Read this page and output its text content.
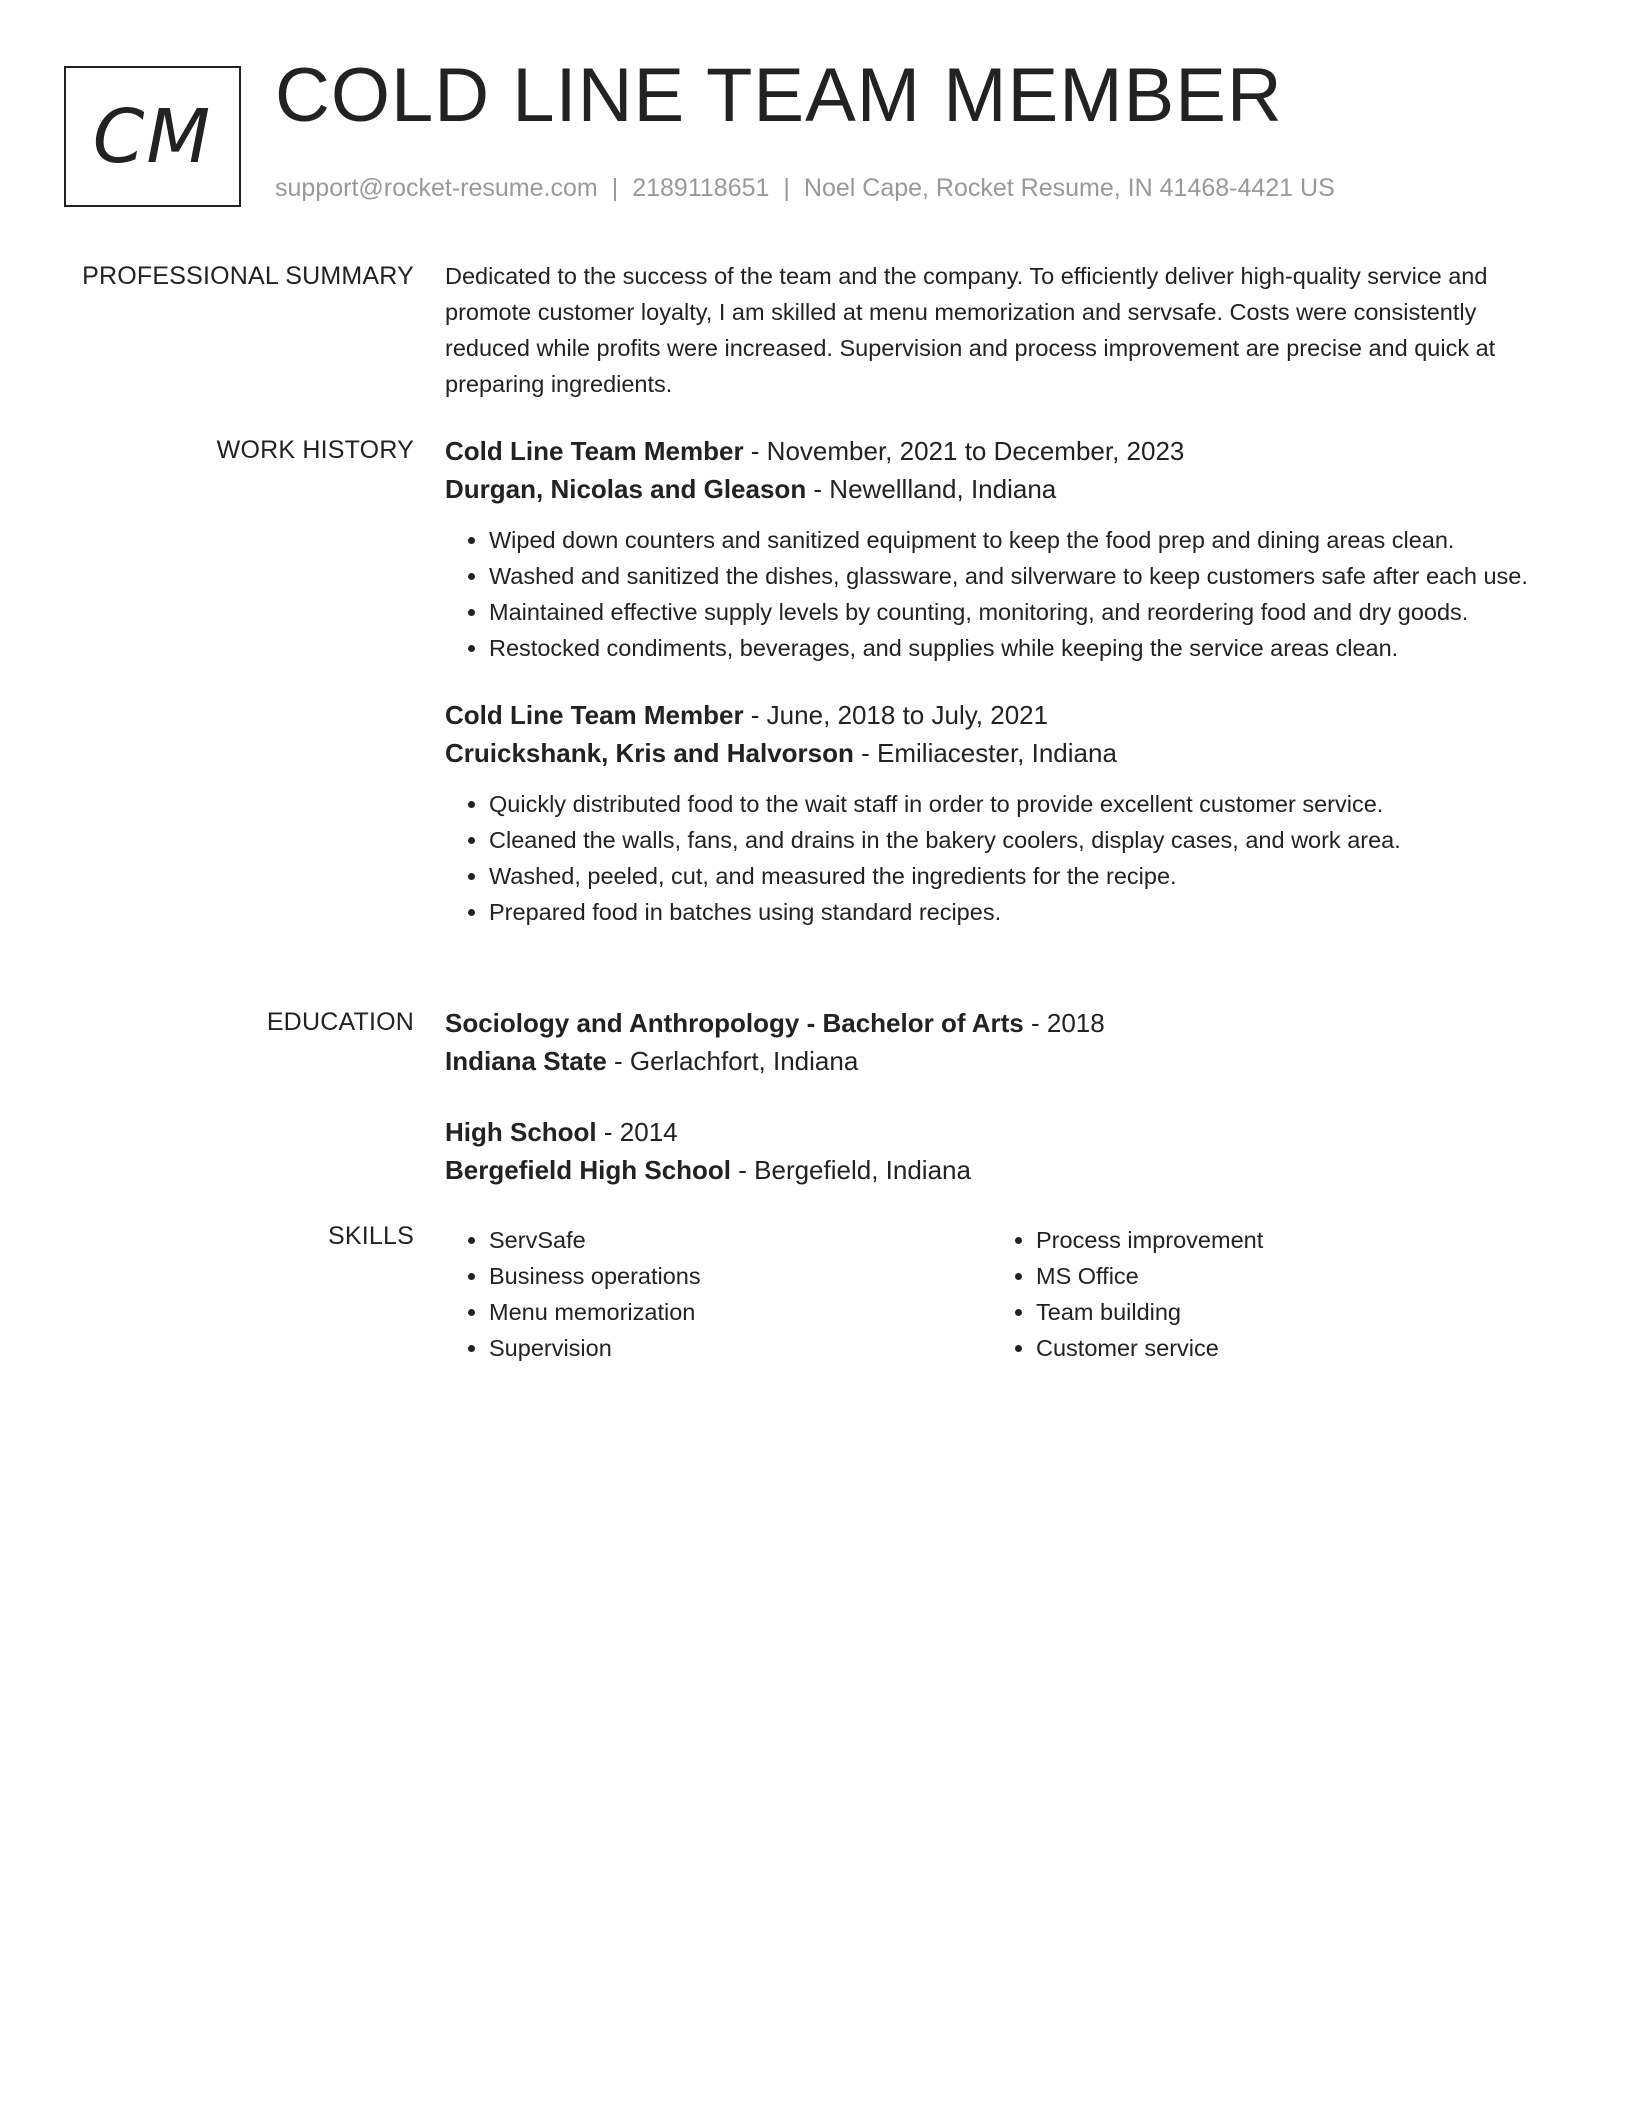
CM COLD LINE TEAM MEMBER
support@rocket-resume.com | 2189118651 | Noel Cape, Rocket Resume, IN 41468-4421 US
PROFESSIONAL SUMMARY Dedicated to the success of the team and the company. To efficiently deliver high-quality service and promote customer loyalty, I am skilled at menu memorization and servsafe. Costs were consistently reduced while profits were increased. Supervision and process improvement are precise and quick at preparing ingredients.

WORK HISTORY Cold Line Team Member - November, 2021 to December, 2023
Durgan, Nicolas and Gleason - Newellland, Indiana
• Wiped down counters and sanitized equipment to keep the food prep and dining areas clean.
• Washed and sanitized the dishes, glassware, and silverware to keep customers safe after each use.
• Maintained effective supply levels by counting, monitoring, and reordering food and dry goods.
• Restocked condiments, beverages, and supplies while keeping the service areas clean.
Cold Line Team Member - June, 2018 to July, 2021
Cruickshank, Kris and Halvorson - Emiliacester, Indiana
• Quickly distributed food to the wait staff in order to provide excellent customer service.
• Cleaned the walls, fans, and drains in the bakery coolers, display cases, and work area.
• Washed, peeled, cut, and measured the ingredients for the recipe.
• Prepared food in batches using standard recipes.
EDUCATION Sociology and Anthropology - Bachelor of Arts - 2018
Indiana State - Gerlachfort, Indiana
High School - 2014
Bergefield High School - Bergefield, Indiana
SKILLS
•	ServSafe
• Business operations
• Menu memorization
• Supervision
• Process improvement
• MS Office
• Team building
• Customer service
